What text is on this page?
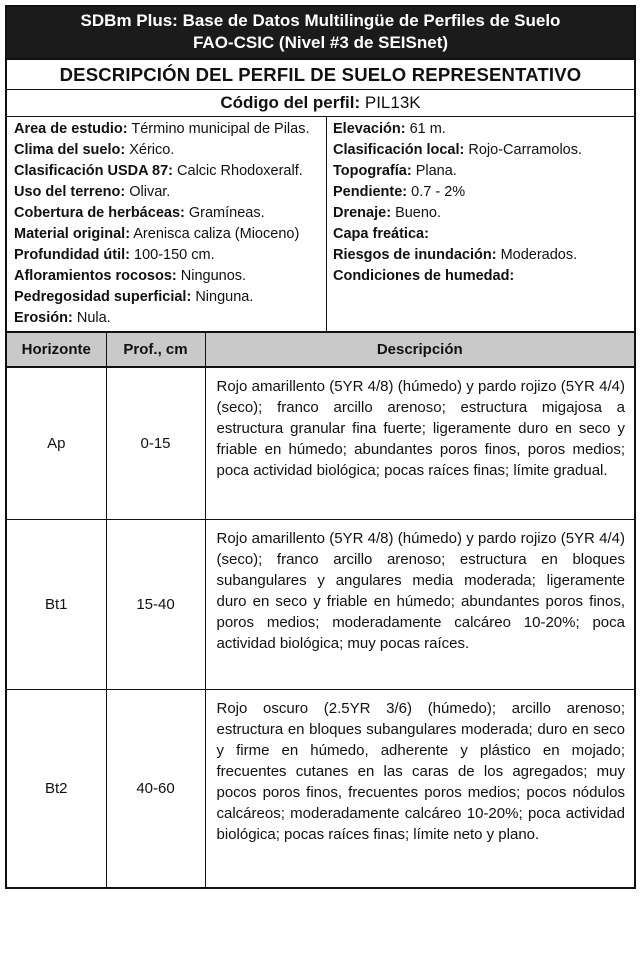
SDBm Plus: Base de Datos Multilingüe de Perfiles de Suelo
FAO-CSIC (Nivel #3 de SEISnet)
DESCRIPCIÓN DEL PERFIL DE SUELO REPRESENTATIVO
Código del perfil: PIL13K
Area de estudio: Término municipal de Pilas.
Clima del suelo: Xérico.
Clasificación USDA 87: Calcic Rhodoxeralf.
Uso del terreno: Olivar.
Cobertura de herbáceas: Gramíneas.
Material original: Arenisca caliza (Mioceno)
Profundidad útil: 100-150 cm.
Afloramientos rocosos: Ningunos.
Pedregosidad superficial: Ninguna.
Erosión: Nula.
Elevación: 61 m.
Clasificación local: Rojo-Carramolos.
Topografía: Plana.
Pendiente: 0.7 - 2%
Drenaje: Bueno.
Capa freática:
Riesgos de inundación: Moderados.
Condiciones de humedad:
Horizonte	Prof., cm	Descripción
Ap	0-15	Rojo amarillento (5YR 4/8) (húmedo) y pardo rojizo (5YR 4/4) (seco); franco arcillo arenoso; estructura migajosa a estructura granular fina fuerte; ligeramente duro en seco y friable en húmedo; abundantes poros finos, poros medios; poca actividad biológica; pocas raíces finas; límite gradual.
Bt1	15-40	Rojo amarillento (5YR 4/8) (húmedo) y pardo rojizo (5YR 4/4) (seco); franco arcillo arenoso; estructura en bloques subangulares y angulares media moderada; ligeramente duro en seco y friable en húmedo; abundantes poros finos, poros medios; moderadamente calcáreo 10-20%; poca actividad biológica; muy pocas raíces.
Bt2	40-60	Rojo oscuro (2.5YR 3/6) (húmedo); arcillo arenoso; estructura en bloques subangulares moderada; duro en seco y firme en húmedo, adherente y plástico en mojado; frecuentes cutanes en las caras de los agregados; muy pocos poros finos, frecuentes poros medios; pocos nódulos calcáreos; moderadamente calcáreo 10-20%; poca actividad biológica; pocas raíces finas; límite neto y plano.
